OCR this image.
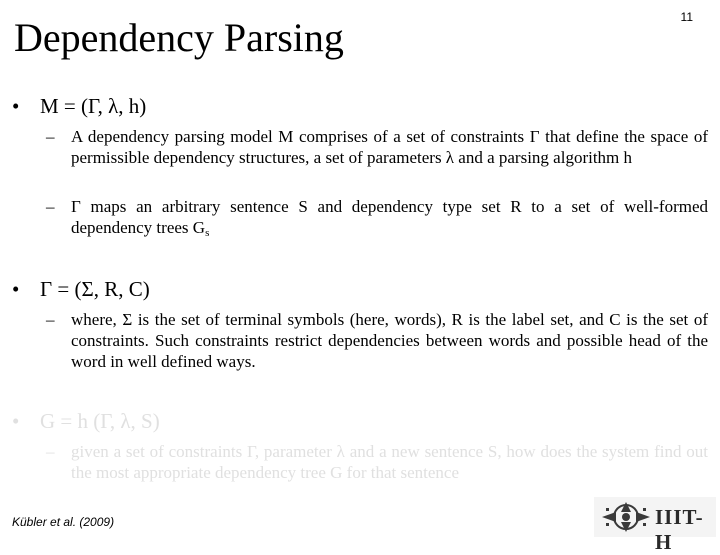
Dependency Parsing	11
• M = (Γ, λ, h)
– A dependency parsing model M comprises of a set of constraints Γ that define the space of permissible dependency structures, a set of parameters λ and a parsing algorithm h
– Γ maps an arbitrary sentence S and dependency type set R to a set of well-formed dependency trees $G_s$
• Γ = (Σ, R, C)
– where, Σ is the set of terminal symbols (here, words), R is the label set, and C is the set of constraints. Such constraints restrict dependencies between words and possible head of the word in well defined ways.
• G = h (Γ, λ, S)
– given a set of constraints Γ, parameter λ and a new sentence S, how does the system find out the most appropriate dependency tree G for that sentence
Kübler et al. (2009)	IIIT-H
